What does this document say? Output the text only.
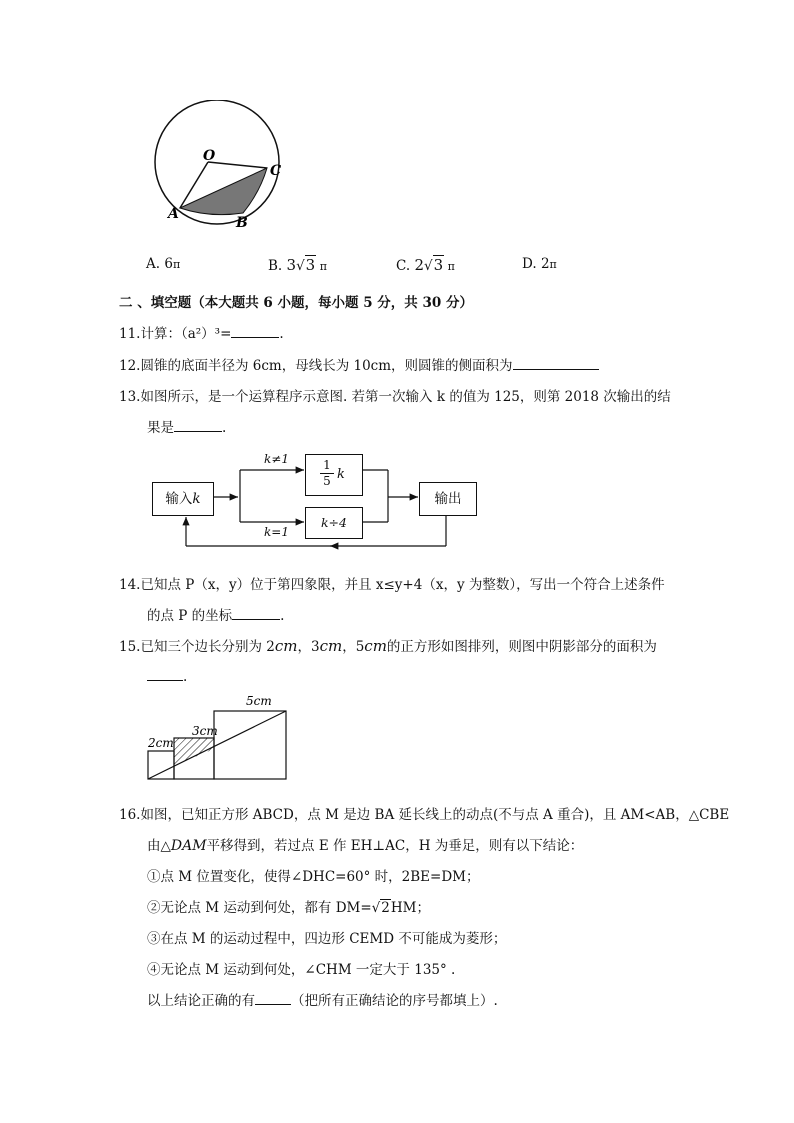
O
C
A
B
A. 6π	B. 3√3 π	C. 2√3 π	D. 2π
二 、填空题（本大题共 6 小题，每小题 5 分，共 30 分）
11.计算：（a²）³=	.
12.圆锥的底面半径为 6cm，母线长为 10cm，则圆锥的侧面积为
13.如图所示，是一个运算程序示意图. 若第一次输入 k 的值为 125，则第 2018 次输出的结
果是	.
输入k
1
5 k
k÷4
输出
k≠1
k=1
14.已知点 P（x，y）位于第四象限，并且 x≤y+4（x，y 为整数），写出一个符合上述条件
的点 P 的坐标	.
15.已知三个边长分别为 2cm，3cm，5cm的正方形如图排列，则图中阴影部分的面积为
.
2cm
3cm
5cm
16.如图，已知正方形 ABCD，点 M 是边 BA 延长线上的动点(不与点 A 重合)，且 AM<AB，△CBE
由△DAM平移得到，若过点 E 作 EH⊥AC，H 为垂足，则有以下结论：
①点 M 位置变化，使得∠DHC=60° 时，2BE=DM；
②无论点 M 运动到何处，都有 DM=√2HM；
③在点 M 的运动过程中，四边形 CEMD 不可能成为菱形；
④无论点 M 运动到何处，∠CHM 一定大于 135° .
以上结论正确的有	（把所有正确结论的序号都填上）.
